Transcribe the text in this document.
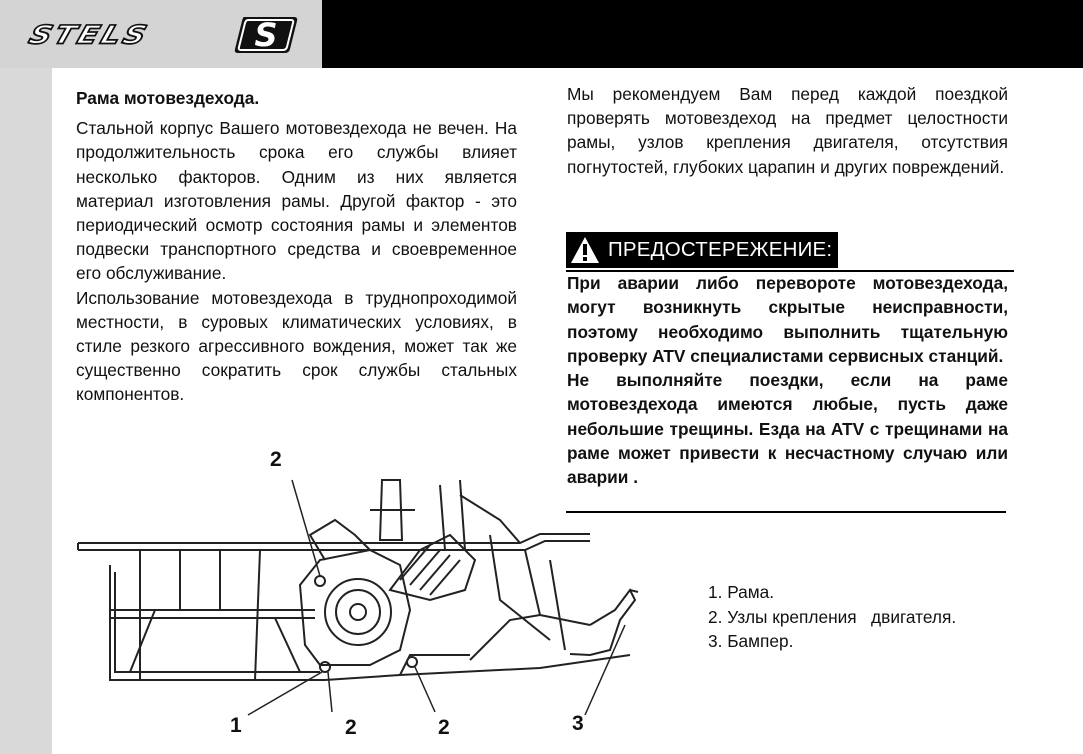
STELS	S

Рама мотовездехода.

Стальной корпус Вашего мотовездехода не вечен. На продолжительность срока его службы влияет несколько факторов. Одним из них является материал изготовления рамы. Другой фактор - это периодический осмотр состояния рамы и элементов подвески транспортного средства и своевременное его обслуживание.

Использование мотовездехода в труднопроходимой местности, в суровых климатических условиях, в стиле резкого агрессивного вождения, может так же существенно сократить срок службы стальных компонентов.

Мы рекомендуем Вам перед каждой поездкой проверять мотовездеход на предмет целостности рамы, узлов крепления двигателя, отсутствия погнутостей, глубоких царапин и других повреждений.

ПРЕДОСТЕРЕЖЕНИЕ:

При аварии либо перевороте мотовездехода, могут возникнуть скрытые неисправности, поэтому необходимо выполнить тщательную проверку ATV специалистами сервисных станций.

Не выполняйте поездки, если на раме мотовездехода имеются любые, пусть даже небольшие трещины. Езда на ATV с трещинами на раме может привести к несчастному случаю или аварии .

1. Рама.
2. Узлы крепления   двигателя.
3. Бампер.
2
1	2	2	3
